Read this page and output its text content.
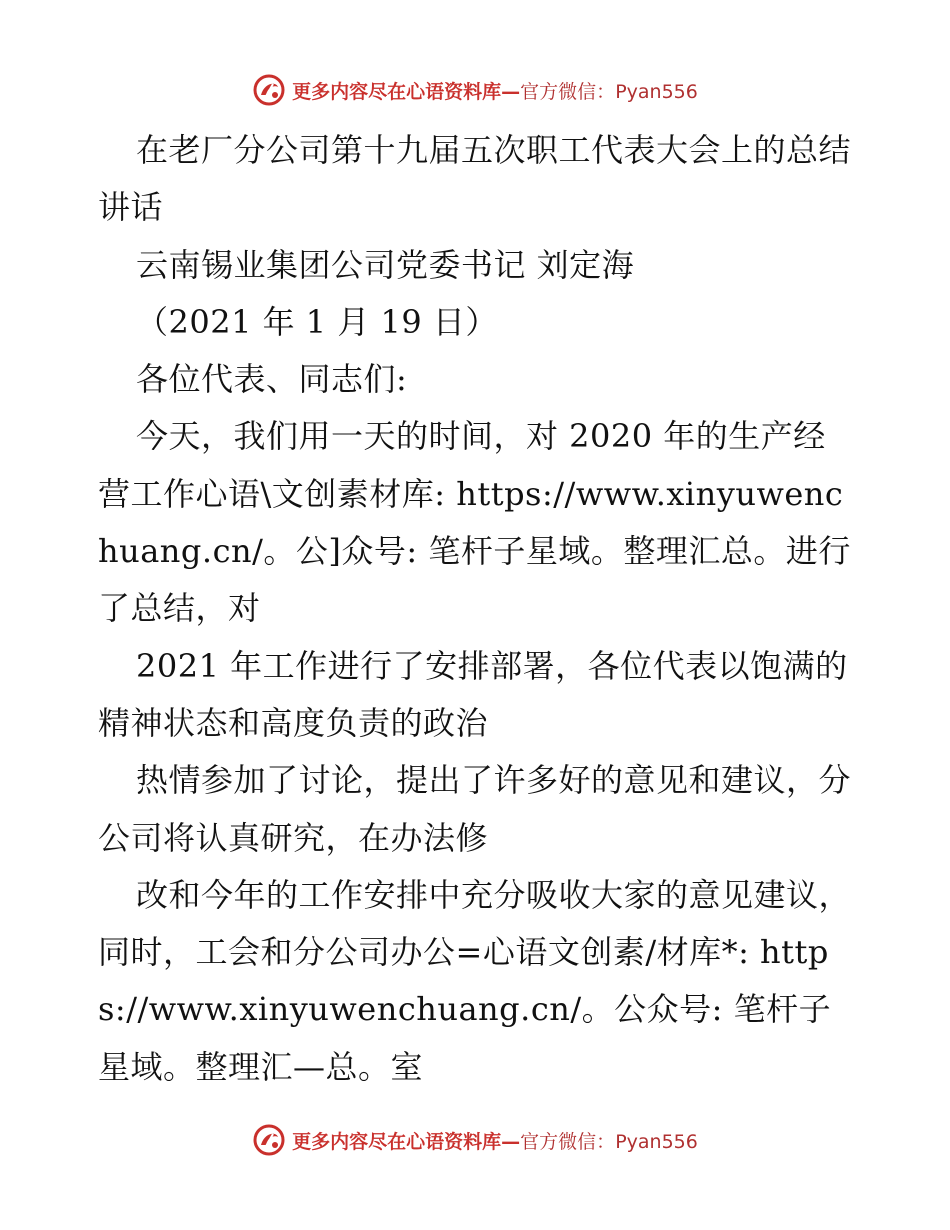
更多内容尽在心语资料库—官方微信：Pyan556

在老厂分公司第十九届五次职工代表大会上的总结讲话

云南锡业集团公司党委书记 刘定海

（2021 年 1 月 19 日）

各位代表、同志们:

今天，我们用一天的时间，对 2020 年的生产经营工作心语\文创素材库: https://www.xinyuwenchuang.cn/。公]众号: 笔杆子星域。整理汇总。进行了总结，对

2021 年工作进行了安排部署，各位代表以饱满的精神状态和高度负责的政治

热情参加了讨论，提出了许多好的意见和建议，分公司将认真研究，在办法修

改和今年的工作安排中充分吸收大家的意见建议，同时，工会和分公司办公=心语文创素/材库*: https://www.xinyuwenchuang.cn/。公众号: 笔杆子星域。整理汇—总。室

更多内容尽在心语资料库—官方微信：Pyan556
